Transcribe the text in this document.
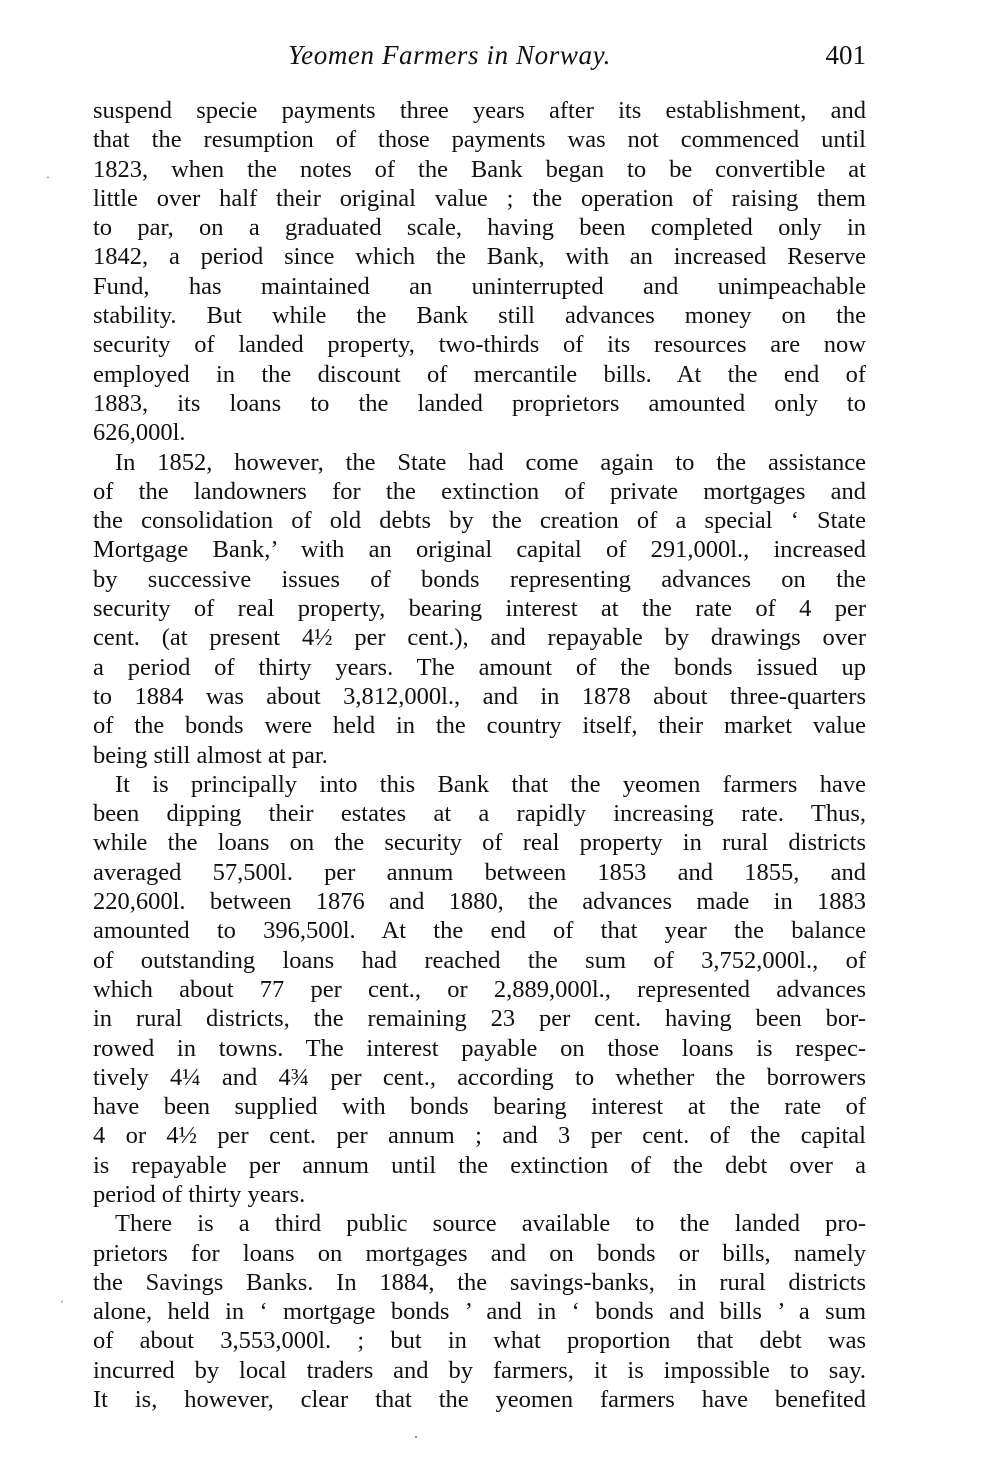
Yeomen Farmers in Norway.	401
·
ʿ
suspend specie payments three years after its establishment, and
that the resumption of those payments was not commenced until
1823, when the notes of the Bank began to be convertible at
little over half their original value ; the operation of raising them
to par, on a graduated scale, having been completed only in
1842, a period since which the Bank, with an increased Reserve
Fund, has maintained an uninterrupted and unimpeachable
stability. But while the Bank still advances money on the
security of landed property, two-thirds of its resources are now
employed in the discount of mercantile bills. At the end of
1883, its loans to the landed proprietors amounted only to
626,000l.
In 1852, however, the State had come again to the assistance
of the landowners for the extinction of private mortgages and
the consolidation of old debts by the creation of a special ‘ State
Mortgage Bank,’ with an original capital of 291,000l., increased
by successive issues of bonds representing advances on the
security of real property, bearing interest at the rate of 4 per
cent. (at present 4½ per cent.), and repayable by drawings over
a period of thirty years. The amount of the bonds issued up
to 1884 was about 3,812,000l., and in 1878 about three-quarters
of the bonds were held in the country itself, their market value
being still almost at par.
It is principally into this Bank that the yeomen farmers have
been dipping their estates at a rapidly increasing rate. Thus,
while the loans on the security of real property in rural districts
averaged 57,500l. per annum between 1853 and 1855, and
220,600l. between 1876 and 1880, the advances made in 1883
amounted to 396,500l. At the end of that year the balance
of outstanding loans had reached the sum of 3,752,000l., of
which about 77 per cent., or 2,889,000l., represented advances
in rural districts, the remaining 23 per cent. having been bor-
rowed in towns. The interest payable on those loans is respec-
tively 4¼ and 4¾ per cent., according to whether the borrowers
have been supplied with bonds bearing interest at the rate of
4 or 4½ per cent. per annum ; and 3 per cent. of the capital
is repayable per annum until the extinction of the debt over a
period of thirty years.
There is a third public source available to the landed pro-
prietors for loans on mortgages and on bonds or bills, namely
the Savings Banks. In 1884, the savings-banks, in rural districts
alone, held in ‘ mortgage bonds ’ and in ‘ bonds and bills ’ a sum
of about 3,553,000l. ; but in what proportion that debt was
incurred by local traders and by farmers, it is impossible to say.
It is, however, clear that the yeomen farmers have benefited
